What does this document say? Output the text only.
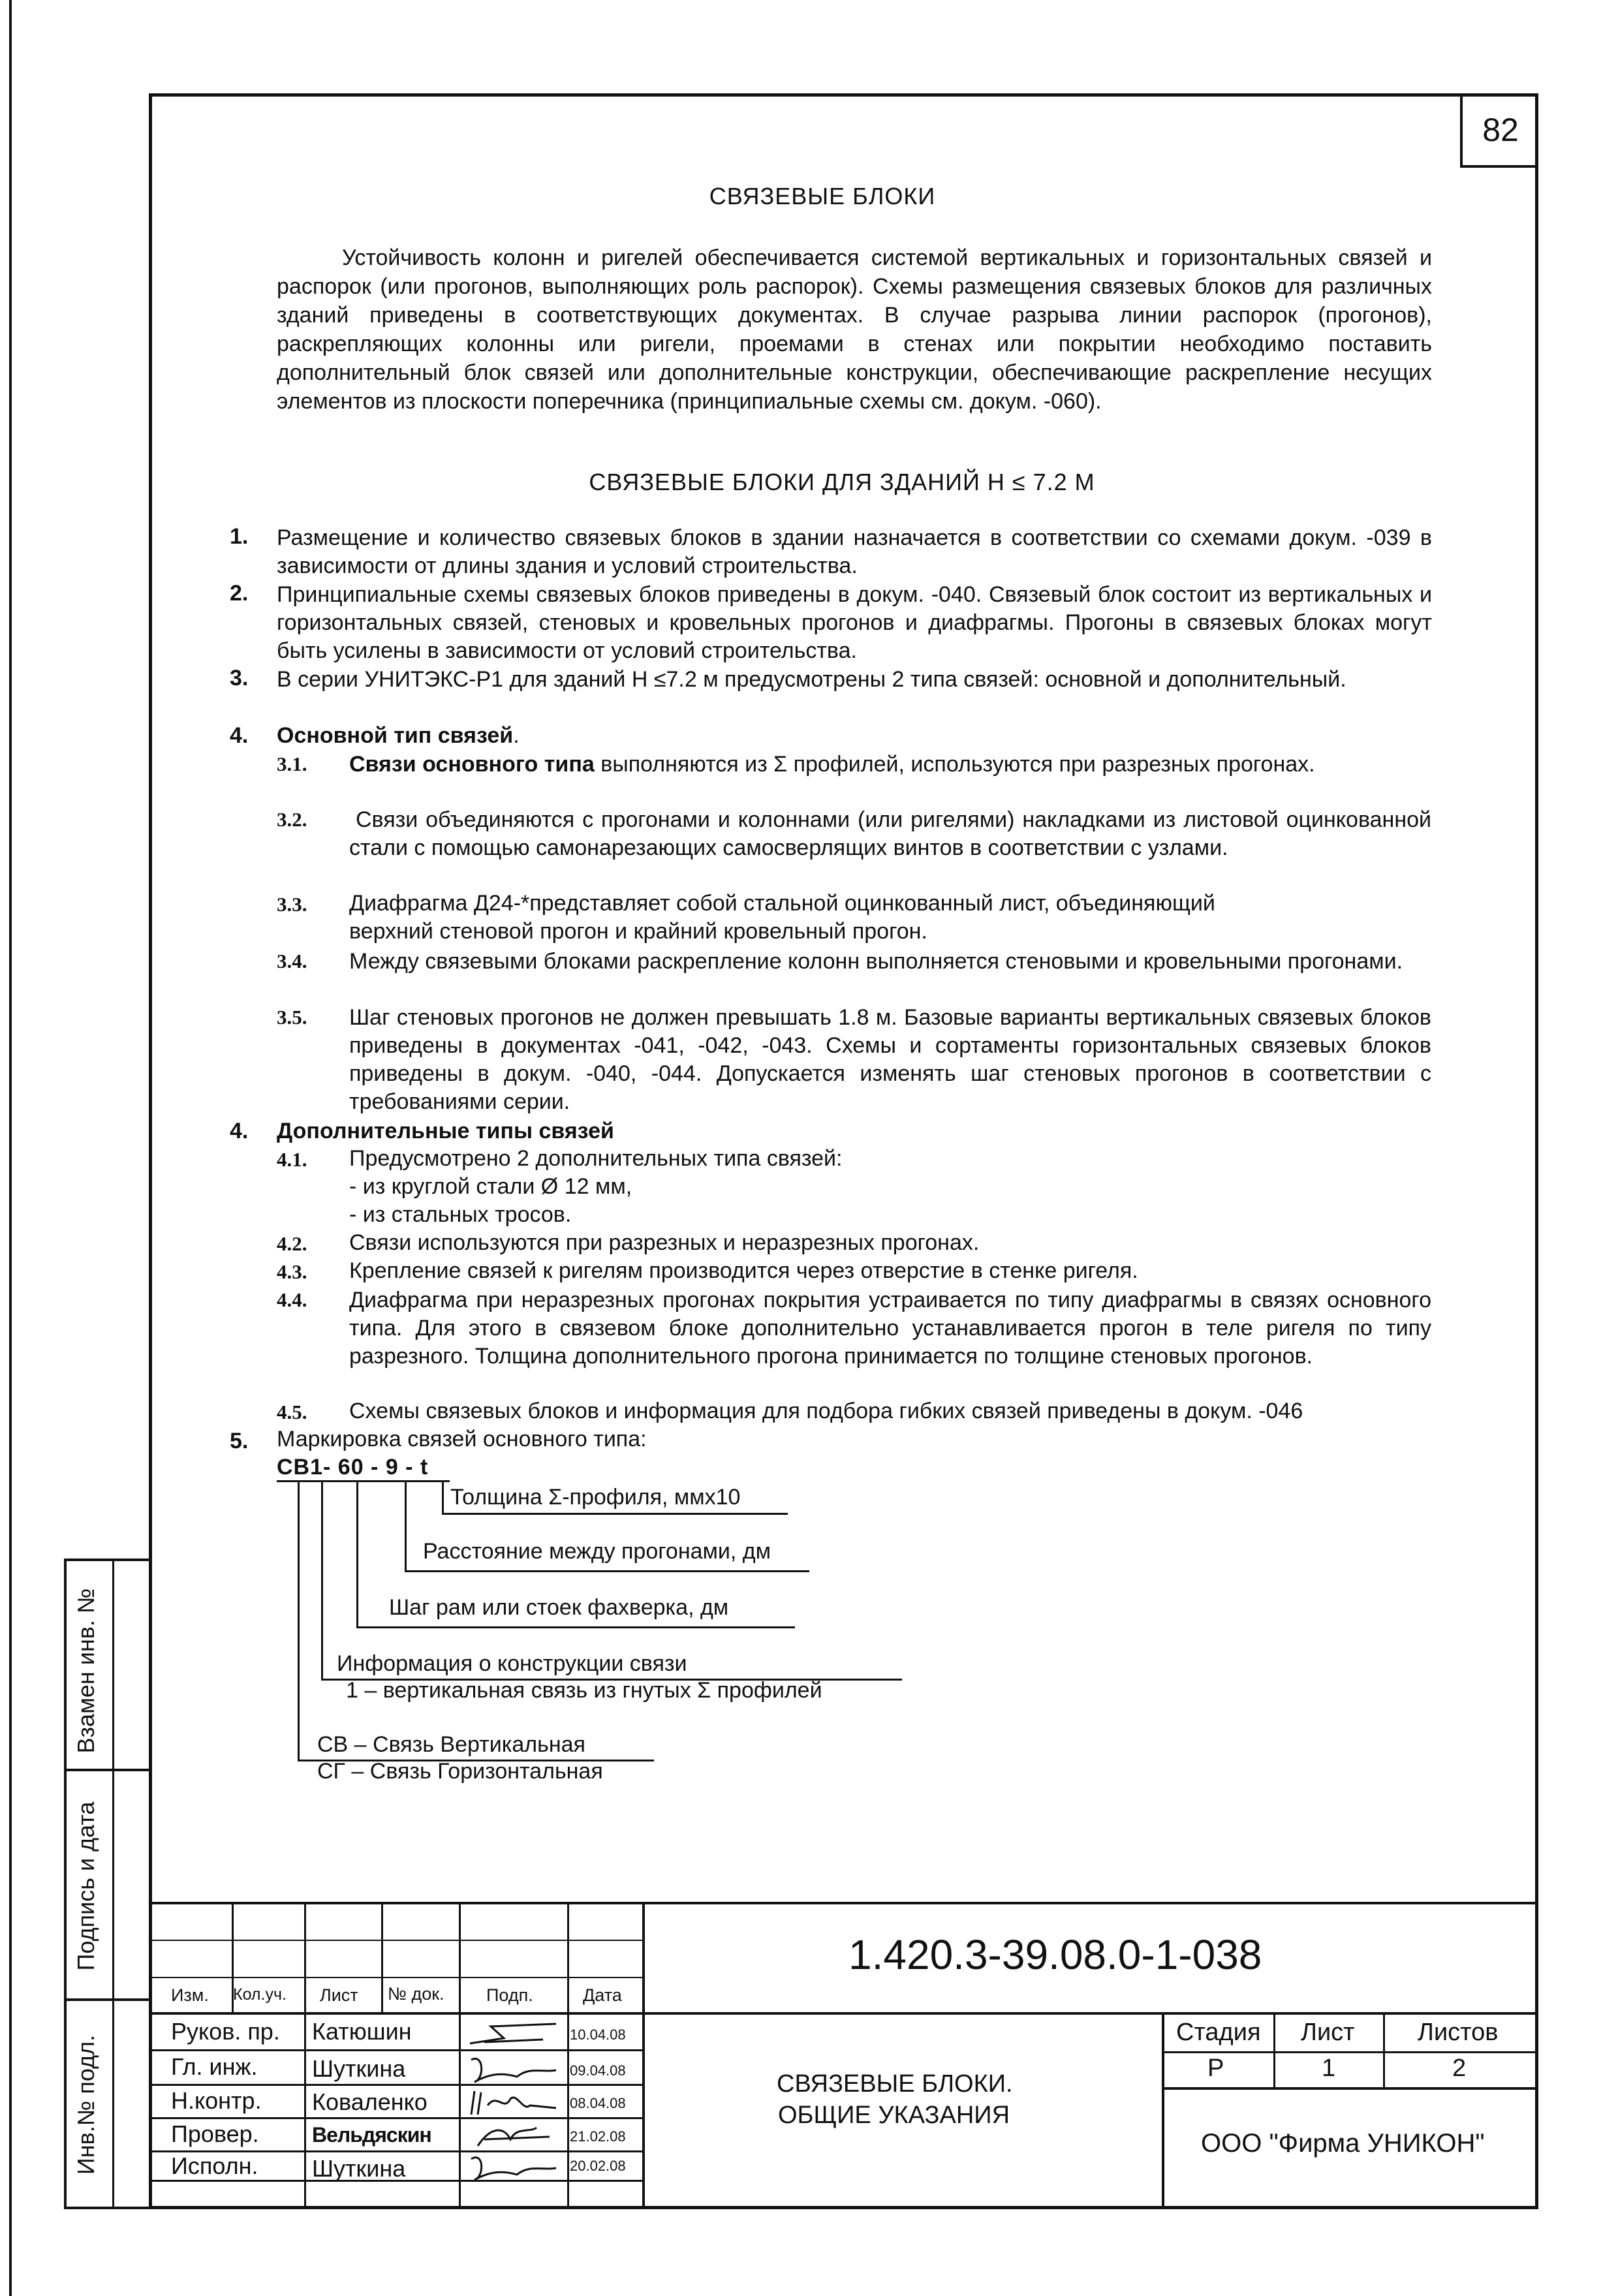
82
СВЯЗЕВЫЕ БЛОКИ
Устойчивость колонн и ригелей обеспечивается системой вертикальных и горизонтальных связей и распорок (или прогонов, выполняющих роль распорок). Схемы размещения связевых блоков для различных зданий приведены в соответствующих документах. В случае разрыва линии распорок (прогонов), раскрепляющих колонны или ригели, проемами в стенах или покрытии необходимо поставить дополнительный блок связей или дополнительные конструкции, обеспечивающие раскрепление несущих элементов из плоскости поперечника (принципиальные схемы см. докум. -060).
СВЯЗЕВЫЕ БЛОКИ ДЛЯ ЗДАНИЙ Н ≤ 7.2 М
1. Размещение и количество связевых блоков в здании назначается в соответствии со схемами докум. -039 в зависимости от длины здания и условий строительства.
2. Принципиальные схемы связевых блоков приведены в докум. -040. Связевый блок состоит из вертикальных и горизонтальных связей, стеновых и кровельных прогонов и диафрагмы. Прогоны в связевых блоках могут быть усилены в зависимости от условий строительства.
3. В серии УНИТЭКС-Р1 для зданий Н ≤7.2 м предусмотрены 2 типа связей: основной и дополнительный.
4. Основной тип связей.
3.1. Связи основного типа выполняются из Σ профилей, используются при разрезных прогонах.
3.2. Связи объединяются с прогонами и колоннами (или ригелями) накладками из листовой оцинкованной стали с помощью самонарезающих самосверлящих винтов в соответствии с узлами.
3.3. Диафрагма Д24-*представляет собой стальной оцинкованный лист, объединяющий
верхний стеновой прогон и крайний кровельный прогон.
3.4. Между связевыми блоками раскрепление колонн выполняется стеновыми и кровельными прогонами.
3.5. Шаг стеновых прогонов не должен превышать 1.8 м. Базовые варианты вертикальных связевых блоков приведены в документах -041, -042, -043. Схемы и сортаменты горизонтальных связевых блоков приведены в докум. -040, -044. Допускается изменять шаг стеновых прогонов в соответствии с требованиями серии.
4. Дополнительные типы связей
4.1. Предусмотрено 2 дополнительных типа связей:
- из круглой стали Ø 12 мм,
- из стальных тросов.
4.2. Связи используются при разрезных и неразрезных прогонах.
4.3. Крепление связей к ригелям производится через отверстие в стенке ригеля.
4.4. Диафрагма при неразрезных прогонах покрытия устраивается по типу диафрагмы в связях основного типа. Для этого в связевом блоке дополнительно устанавливается прогон в теле ригеля по типу разрезного. Толщина дополнительного прогона принимается по толщине стеновых прогонов.
4.5. Схемы связевых блоков и информация для подбора гибких связей приведены в докум. -046
5. Маркировка связей основного типа:
СВ1- 60 - 9 - t
Толщина Σ-профиля, ммх10
Расстояние между прогонами, дм
Шаг рам или стоек фахверка, дм
Информация о конструкции связи
1 – вертикальная связь из гнутых Σ профилей
СВ – Связь Вертикальная
СГ – Связь Горизонтальная
Взамен инв. №
Подпись и дата
Инв.№ подл.
Изм. Кол.уч. Лист № док. Подп.	Дата
Руков. пр. Катюшин	10.04.08
Гл. инж. Шуткина	09.04.08
Н.контр. Коваленко	08.04.08
Провер.	Вельдяскин	21.02.08
Исполн. Шуткина	20.02.08
1.420.3-39.08.0-1-038
СВЯЗЕВЫЕ БЛОКИ.
ОБЩИЕ УКАЗАНИЯ
Стадия Лист	Листов
Р	1	2
ООО "Фирма УНИКОН"
